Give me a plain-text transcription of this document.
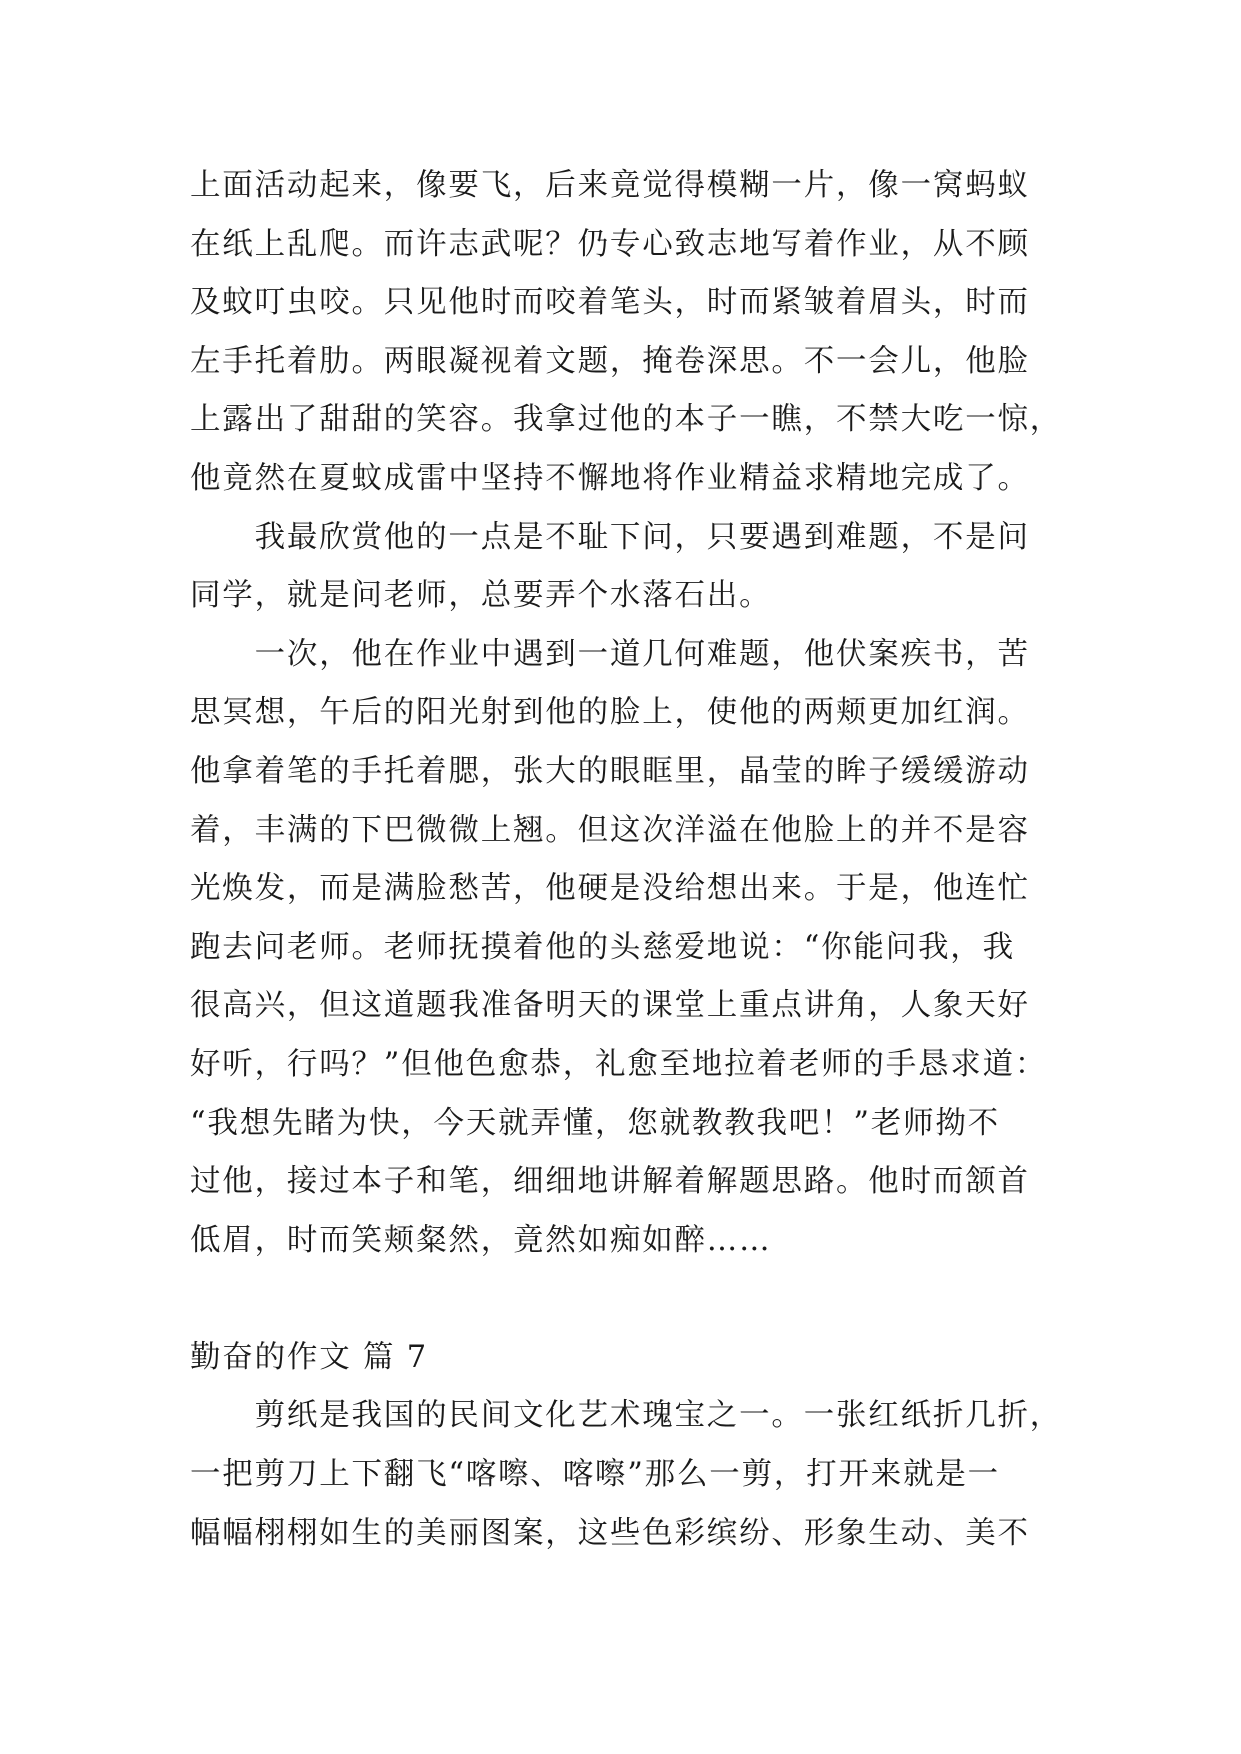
上面活动起来，像要飞，后来竟觉得模糊一片，像一窝蚂蚁
在纸上乱爬。而许志武呢？仍专心致志地写着作业，从不顾
及蚊叮虫咬。只见他时而咬着笔头，时而紧皱着眉头，时而
左手托着肋。两眼凝视着文题，掩卷深思。不一会儿，他脸
上露出了甜甜的笑容。我拿过他的本子一瞧，不禁大吃一惊，
他竟然在夏蚊成雷中坚持不懈地将作业精益求精地完成了。
　　我最欣赏他的一点是不耻下问，只要遇到难题，不是问
同学，就是问老师，总要弄个水落石出。
　　一次，他在作业中遇到一道几何难题，他伏案疾书，苦
思冥想，午后的阳光射到他的脸上，使他的两颊更加红润。
他拿着笔的手托着腮，张大的眼眶里，晶莹的眸子缓缓游动
着，丰满的下巴微微上翘。但这次洋溢在他脸上的并不是容
光焕发，而是满脸愁苦，他硬是没给想出来。于是，他连忙
跑去问老师。老师抚摸着他的头慈爱地说：“你能问我，我
很高兴，但这道题我准备明天的课堂上重点讲角，人象天好
好听，行吗？”但他色愈恭，礼愈至地拉着老师的手恳求道：
“我想先睹为快，今天就弄懂，您就教教我吧！”老师拗不
过他，接过本子和笔，细细地讲解着解题思路。他时而颔首
低眉，时而笑颊粲然，竟然如痴如醉……
勤奋的作文 篇 7
　　剪纸是我国的民间文化艺术瑰宝之一。一张红纸折几折，
一把剪刀上下翻飞“喀嚓、喀嚓”那么一剪，打开来就是一
幅幅栩栩如生的美丽图案，这些色彩缤纷、形象生动、美不
